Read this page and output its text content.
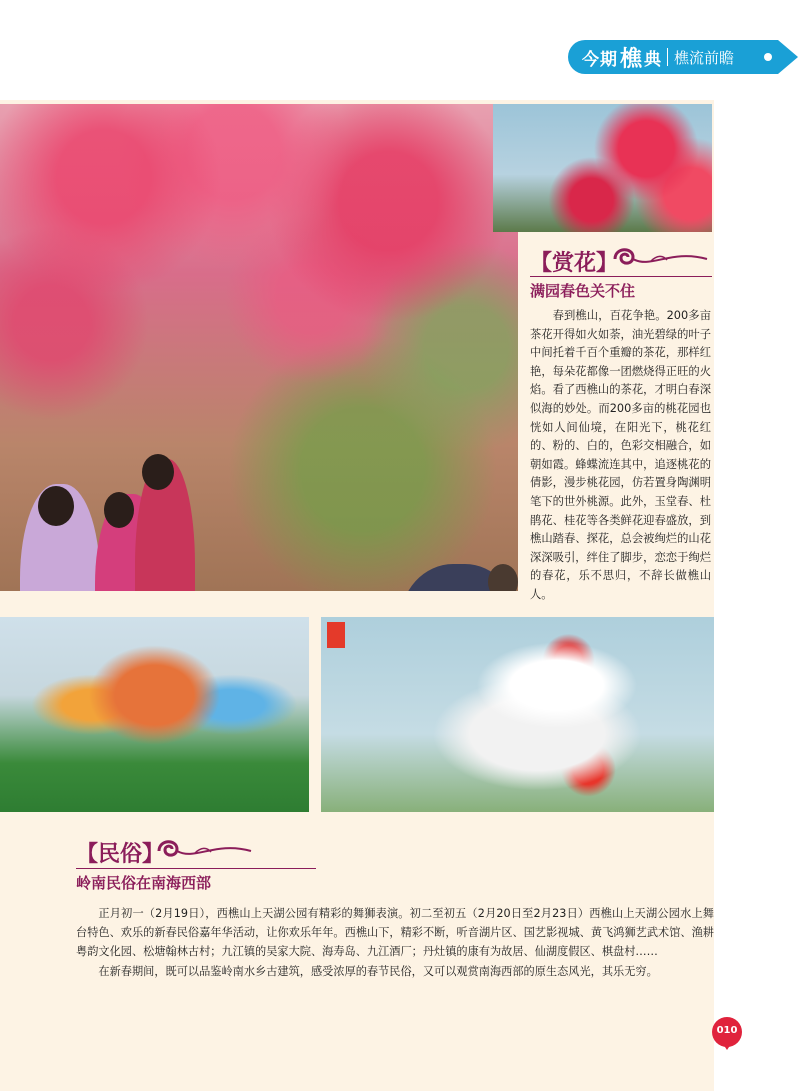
今期 樵 典 樵流前瞻
【赏花】
满园春色关不住
春到樵山，百花争艳。200多亩茶花开得如火如荼，油光碧绿的叶子中间托着千百个重瓣的茶花，那样红艳，每朵花都像一团燃烧得正旺的火焰。看了西樵山的茶花，才明白春深似海的妙处。而200多亩的桃花园也恍如人间仙境，在阳光下，桃花红的、粉的、白的，色彩交相融合，如朝如霞。蜂蝶流连其中，追逐桃花的倩影，漫步桃花园，仿若置身陶渊明笔下的世外桃源。此外，玉堂春、杜鹃花、桂花等各类鲜花迎春盛放，到樵山踏春、探花，总会被绚烂的山花深深吸引，绊住了脚步，恋恋于绚烂的春花，乐不思归，不辞长做樵山人。
【民俗】
岭南民俗在南海西部

正月初一（2月19日），西樵山上天湖公园有精彩的舞狮表演。初二至初五（2月20日至2月23日）西樵山上天湖公园水上舞台特色、欢乐的新春民俗嘉年华活动，让你欢乐年年。西樵山下，精彩不断，听音湖片区、国艺影视城、黄飞鸿狮艺武术馆、渔耕粤韵文化园、松塘翰林古村；九江镇的吴家大院、海寿岛、九江酒厂；丹灶镇的康有为故居、仙湖度假区、棋盘村……

在新春期间，既可以品鉴岭南水乡古建筑，感受浓厚的春节民俗，又可以观赏南海西部的原生态风光，其乐无穷。

010
